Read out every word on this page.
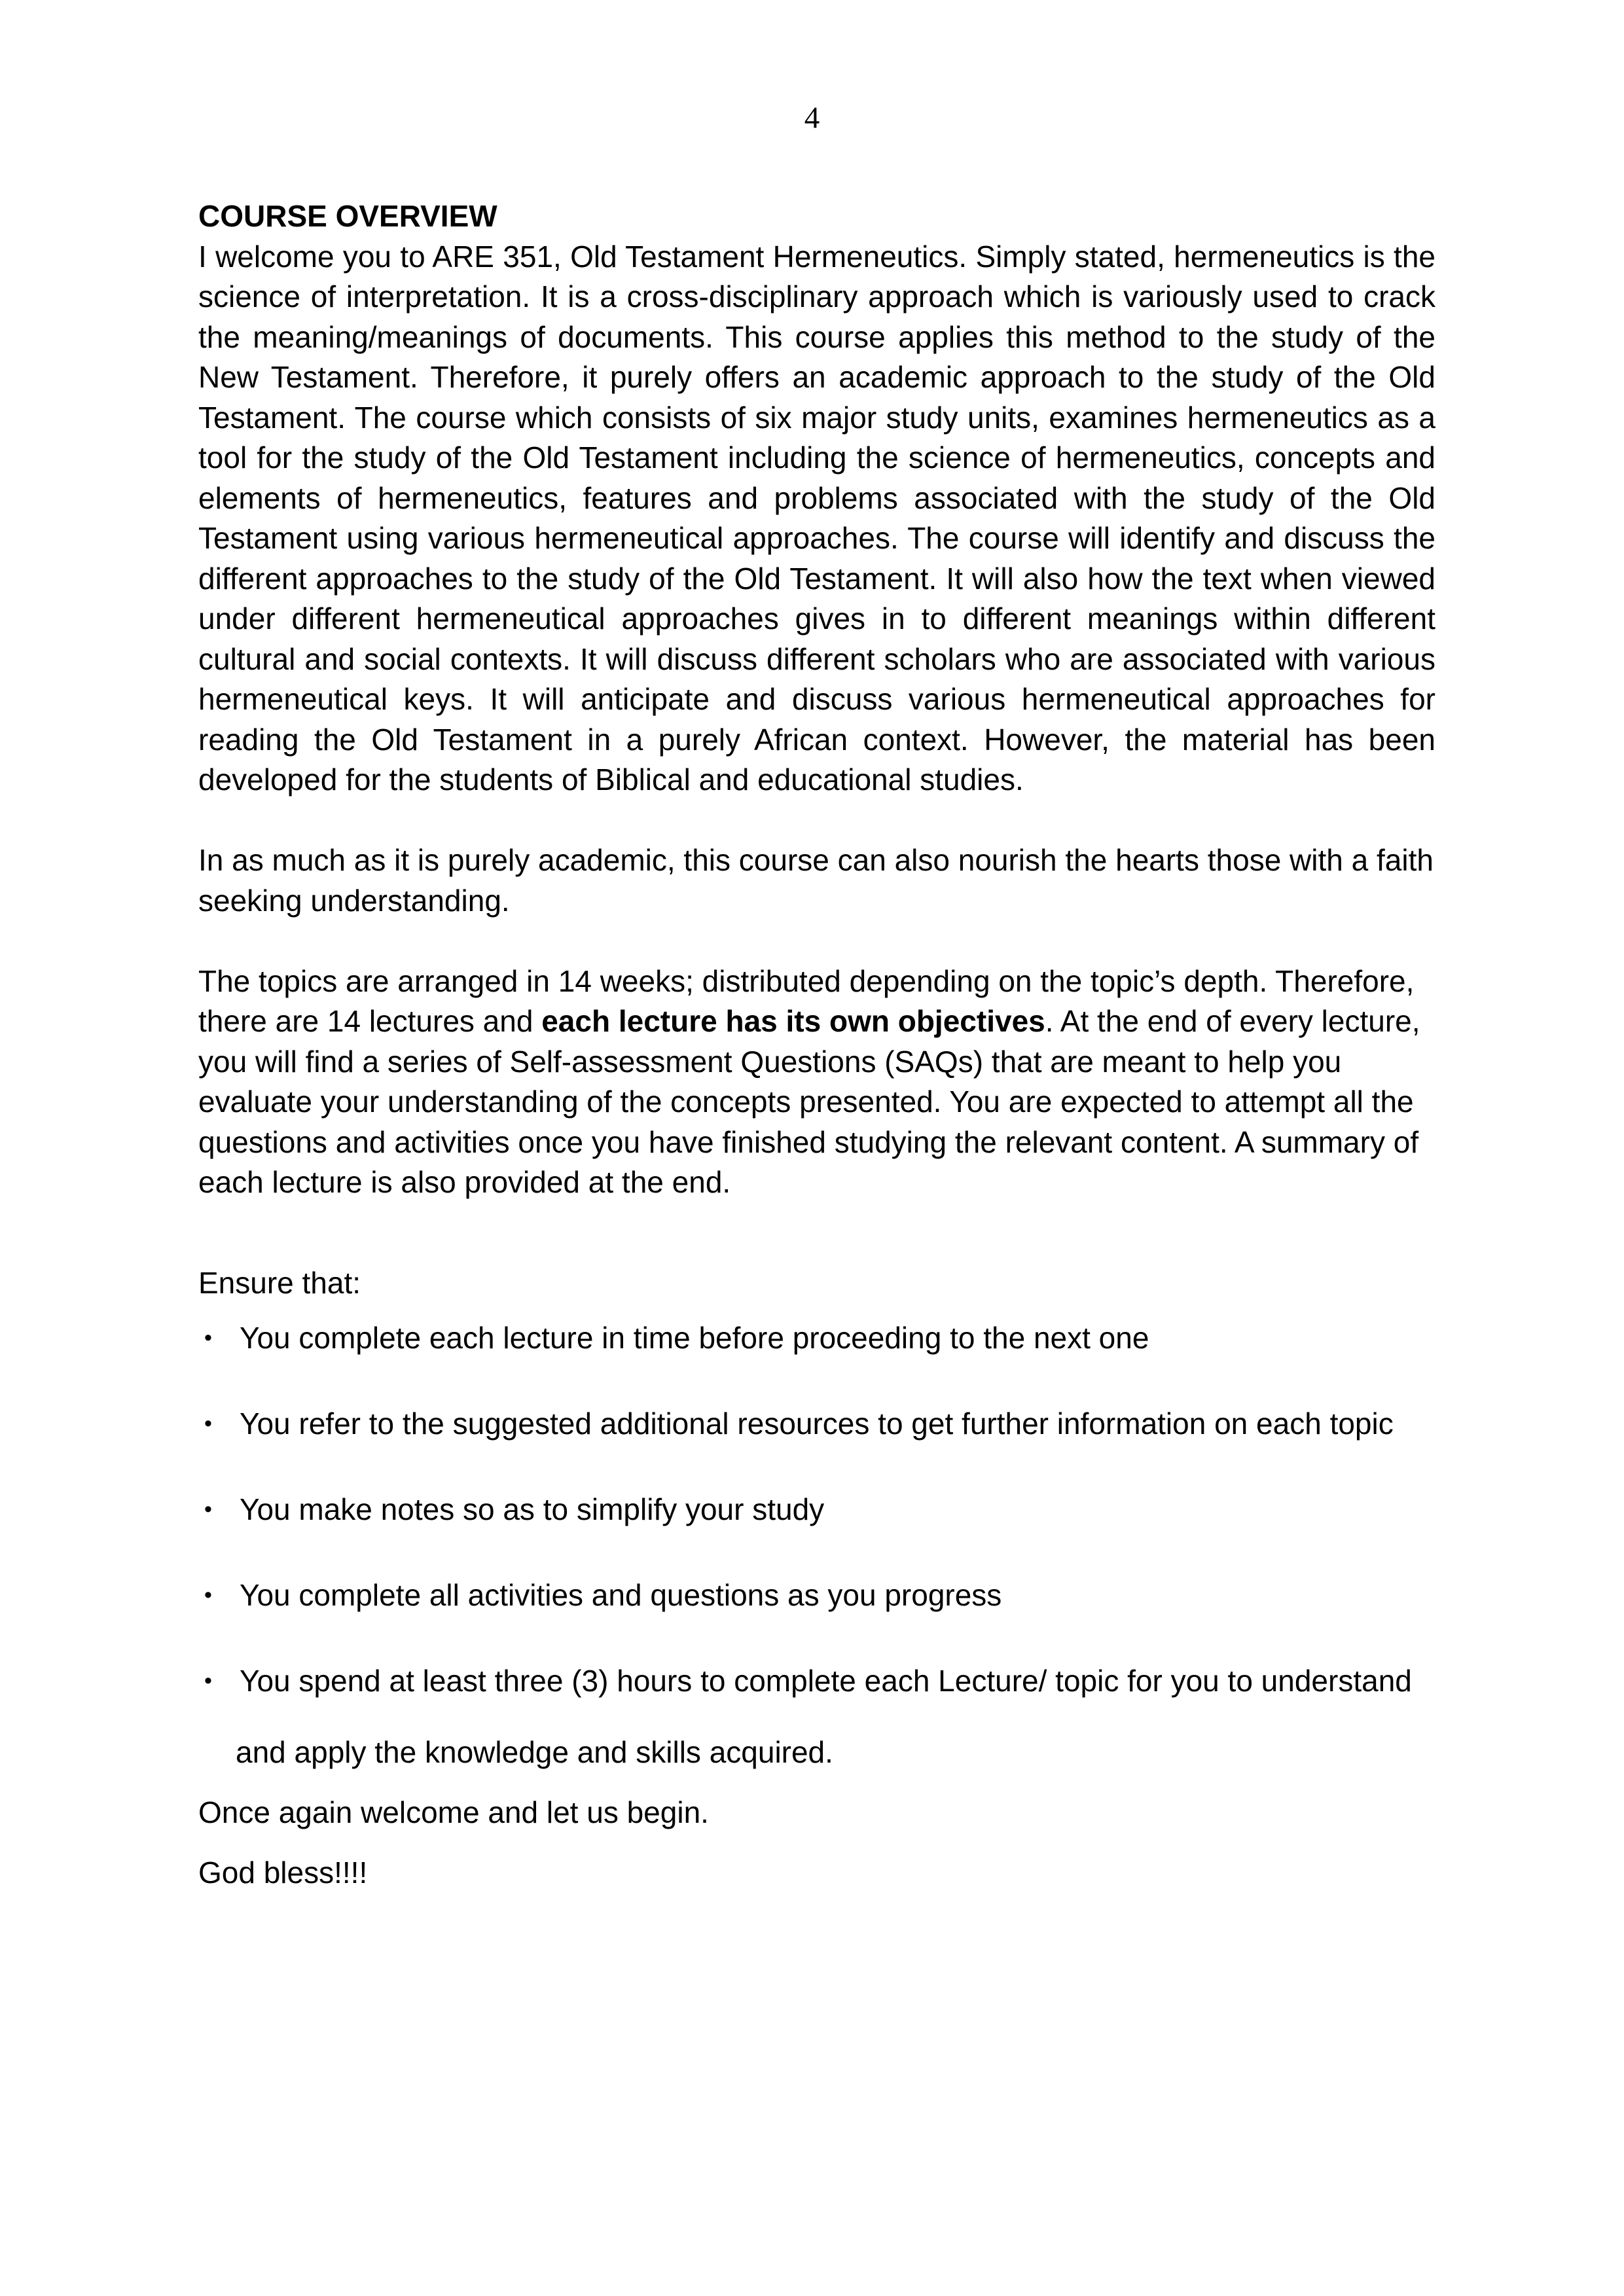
4

COURSE OVERVIEW

I welcome you to ARE 351, Old Testament Hermeneutics. Simply stated, hermeneutics is the science of interpretation. It is a cross-disciplinary approach which is variously used to crack the meaning/meanings of documents. This course applies this method to the study of the New Testament. Therefore, it purely offers an academic approach to the study of the Old Testament. The course which consists of six major study units, examines hermeneutics as a tool for the study of the Old Testament including the science of hermeneutics, concepts and elements of hermeneutics, features and problems associated with the study of the Old Testament using various hermeneutical approaches. The course will identify and discuss the different approaches to the study of the Old Testament. It will also how the text when viewed under different hermeneutical approaches gives in to different meanings within different cultural and social contexts. It will discuss different scholars who are associated with various hermeneutical keys. It will anticipate and discuss various hermeneutical approaches for reading the Old Testament in a purely African context. However, the material has been developed for the students of Biblical and educational studies.

In as much as it is purely academic, this course can also nourish the hearts those with a faith seeking understanding.

The topics are arranged in 14 weeks; distributed depending on the topic’s depth. Therefore, there are 14 lectures and each lecture has its own objectives. At the end of every lecture, you will find a series of Self-assessment Questions (SAQs) that are meant to help you evaluate your understanding of the concepts presented. You are expected to attempt all the questions and activities once you have finished studying the relevant content. A summary of each lecture is also provided at the end.

Ensure that:

• You complete each lecture in time before proceeding to the next one
• You refer to the suggested additional resources to get further information on each topic
• You make notes so as to simplify your study
• You complete all activities and questions as you progress
• You spend at least three (3) hours to complete each Lecture/ topic for you to understand

and apply the knowledge and skills acquired.

Once again welcome and let us begin.

God bless!!!!
